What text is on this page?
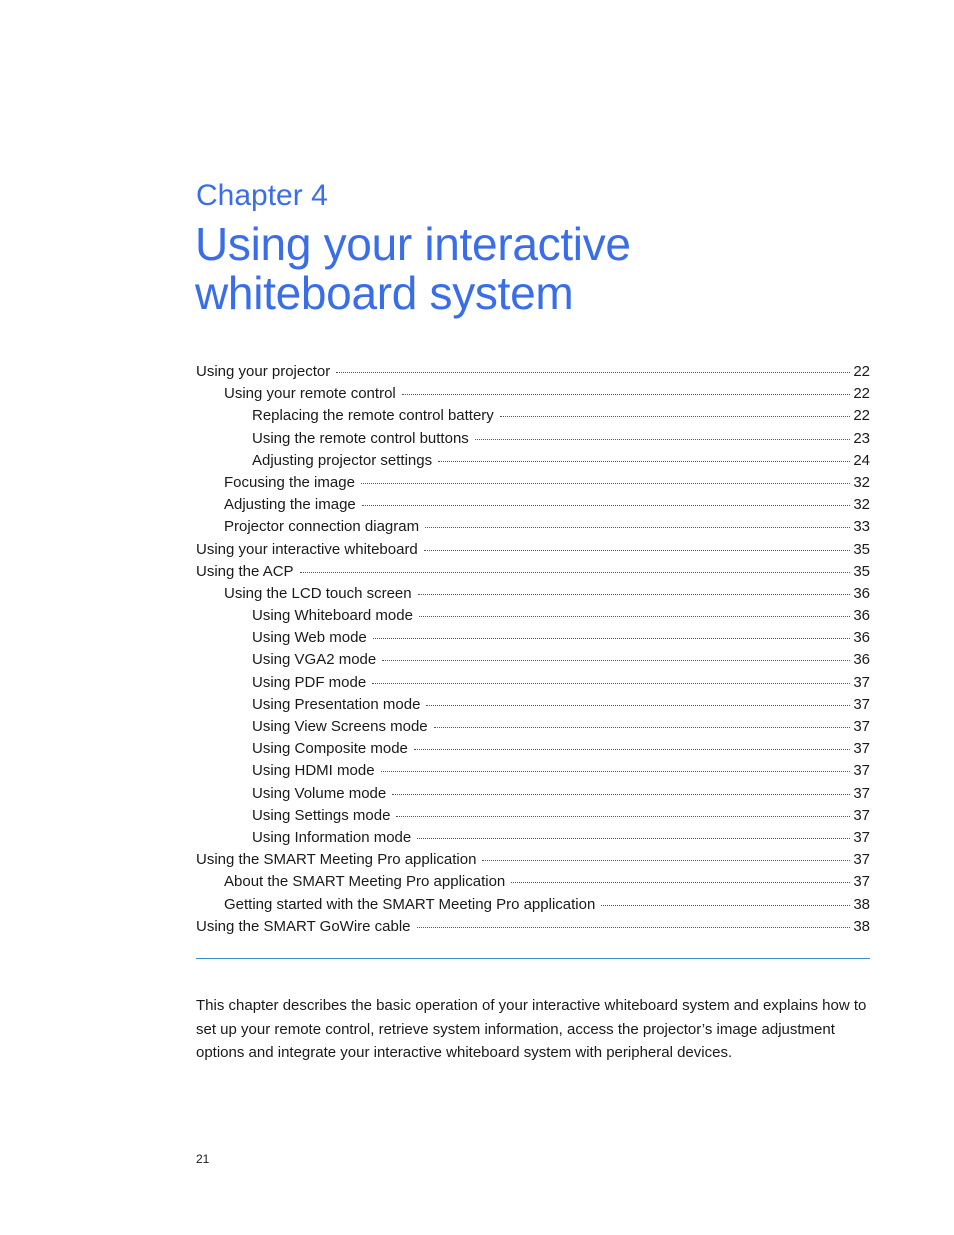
Chapter 4
Using your interactive whiteboard system
Using your projector	22
Using your remote control	22
Replacing the remote control battery	22
Using the remote control buttons	23
Adjusting projector settings	24
Focusing the image	32
Adjusting the image	32
Projector connection diagram	33
Using your interactive whiteboard	35
Using the ACP	35
Using the LCD touch screen	36
Using Whiteboard mode	36
Using Web mode	36
Using VGA2 mode	36
Using PDF mode	37
Using Presentation mode	37
Using View Screens mode	37
Using Composite mode	37
Using HDMI mode	37
Using Volume mode	37
Using Settings mode	37
Using Information mode	37
Using the SMART Meeting Pro application	37
About the SMART Meeting Pro application	37
Getting started with the SMART Meeting Pro application	38
Using the SMART GoWire cable	38

This chapter describes the basic operation of your interactive whiteboard system and explains how to set up your remote control, retrieve system information, access the projector’s image adjustment options and integrate your interactive whiteboard system with peripheral devices.

21
